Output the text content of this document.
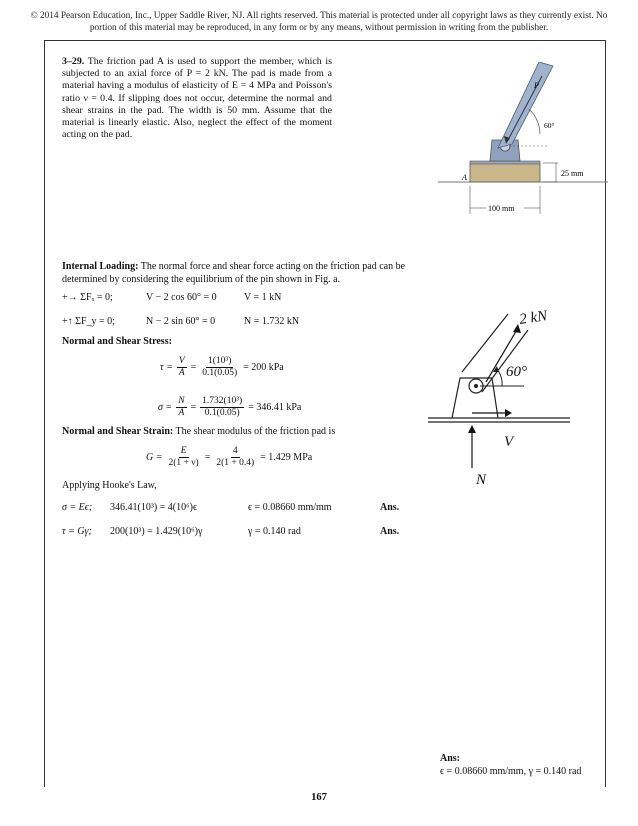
© 2014 Pearson Education, Inc., Upper Saddle River, NJ. All rights reserved. This material is protected under all copyright laws as they currently exist. No portion of this material may be reproduced, in any form or by any means, without permission in writing from the publisher.
3–29. The friction pad A is used to support the member, which is subjected to an axial force of P = 2 kN. The pad is made from a material having a modulus of elasticity of E = 4 MPa and Poisson's ratio ν = 0.4. If slipping does not occur, determine the normal and shear strains in the pad. The width is 50 mm. Assume that the material is linearly elastic. Also, neglect the effect of the moment acting on the pad.
P
60°
A	25 mm
100 mm
Internal Loading: The normal force and shear force acting on the friction pad can be determined by considering the equilibrium of the pin shown in Fig. a.
+→ ΣFₓ = 0;	V − 2 cos 60° = 0	V = 1 kN
+↑ ΣF_y = 0;	N − 2 sin 60° = 0	N = 1.732 kN
Normal and Shear Stress:
$\tau = \frac{V}{A} = \frac{\text{1(10³)}}{0.1(0.05)} = 200$ kPa
$\sigma = \frac{N}{A} = \frac{\text{1.732(10³)}}{0.1(0.05)} = 346.41$ kPa
Normal and Shear Strain: The shear modulus of the friction pad is
$G = \frac{E}{2(1 + \nu)} = \frac{4}{2(1 + 0.4)} = 1.429$ MPa
Applying Hooke's Law,
σ = Eϵ;	346.41(10³) = 4(10⁶)ϵ	ϵ = 0.08660 mm/mm	Ans.
τ = Gγ;	200(10³) = 1.429(10⁶)γ	γ = 0.140 rad	Ans.
2 kN
60°
V
N
Ans:
ϵ = 0.08660 mm/mm, γ = 0.140 rad
167
